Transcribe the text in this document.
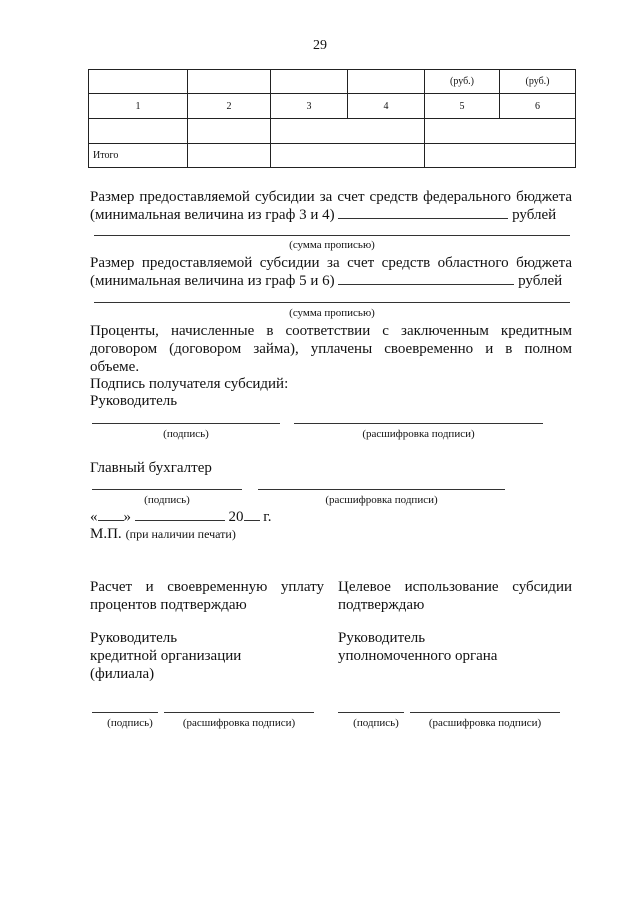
29
				(руб.)	(руб.)
1	2	3	4	5	6

Итого					
Размер предоставляемой субсидии за счет средств федерального бюджета
(минимальная величина из граф 3 и 4)	рублей
(сумма прописью)
Размер предоставляемой субсидии за счет средств областного бюджета
(минимальная величина из граф 5 и 6)	рублей
(сумма прописью)
Проценты, начисленные в соответствии с заключенным кредитным
договором (договором займа), уплачены своевременно и в полном
объеме.
Подпись получателя субсидий:
Руководитель
(подпись)	(расшифровка подписи)
Главный бухгалтер
(подпись)	(расшифровка подписи)
« »	20 г.
М.П. (при наличии печати)
Расчет и своевременную уплату
процентов подтверждаю
Руководитель
кредитной организации
(филиала)
(подпись)	(расшифровка подписи)
Целевое использование субсидии
подтверждаю
Руководитель
уполномоченного органа
(подпись)	(расшифровка подписи)
